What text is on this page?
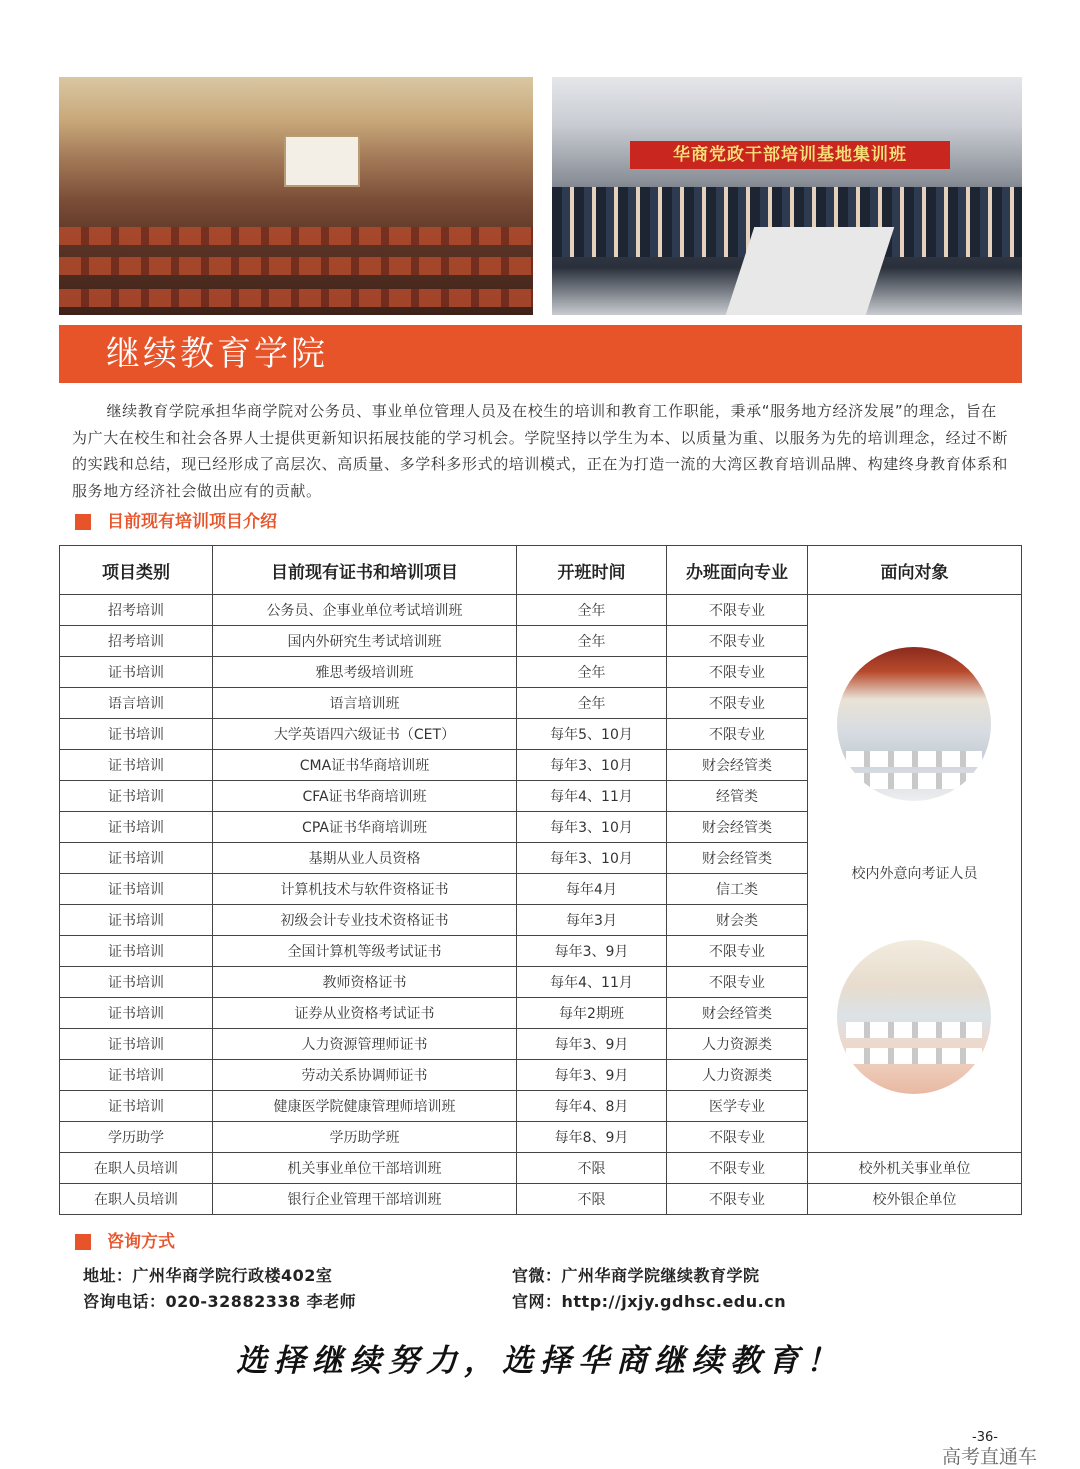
华商党政干部培训基地集训班
继续教育学院
继续教育学院承担华商学院对公务员、事业单位管理人员及在校生的培训和教育工作职能，秉承“服务地方经济发展”的理念，旨在为广大在校生和社会各界人士提供更新知识拓展技能的学习机会。学院坚持以学生为本、以质量为重、以服务为先的培训理念，经过不断的实践和总结，现已经形成了高层次、高质量、多学科多形式的培训模式，正在为打造一流的大湾区教育培训品牌、构建终身教育体系和服务地方经济社会做出应有的贡献。
目前现有培训项目介绍
项目类别	目前现有证书和培训项目	开班时间	办班面向专业	面向对象
招考培训	公务员、企事业单位考试培训班	全年	不限专业	校内外意向考证人员

招考培训	国内外研究生考试培训班	全年	不限专业	
证书培训	雅思考级培训班	全年	不限专业	
语言培训	语言培训班	全年	不限专业	
证书培训	大学英语四六级证书（CET）	每年5、10月	不限专业	
证书培训	CMA证书华商培训班	每年3、10月	财会经管类	
证书培训	CFA证书华商培训班	每年4、11月	经管类	
证书培训	CPA证书华商培训班	每年3、10月	财会经管类	
证书培训	基期从业人员资格	每年3、10月	财会经管类	
证书培训	计算机技术与软件资格证书	每年4月	信工类	
证书培训	初级会计专业技术资格证书	每年3月	财会类	
证书培训	全国计算机等级考试证书	每年3、9月	不限专业	
证书培训	教师资格证书	每年4、11月	不限专业	
证书培训	证券从业资格考试证书	每年2期班	财会经管类	
证书培训	人力资源管理师证书	每年3、9月	人力资源类	
证书培训	劳动关系协调师证书	每年3、9月	人力资源类	
证书培训	健康医学院健康管理师培训班	每年4、8月	医学专业	
学历助学	学历助学班	每年8、9月	不限专业	
在职人员培训	机关事业单位干部培训班	不限	不限专业	校外机关事业单位
在职人员培训	银行企业管理干部培训班	不限	不限专业	校外银企单位
咨询方式
地址：广州华商学院行政楼402室
咨询电话：020-32882338 李老师
官微：广州华商学院继续教育学院
官网：http://jxjy.gdhsc.edu.cn
选择继续努力，选择华商继续教育！
-36-
高考直通车
